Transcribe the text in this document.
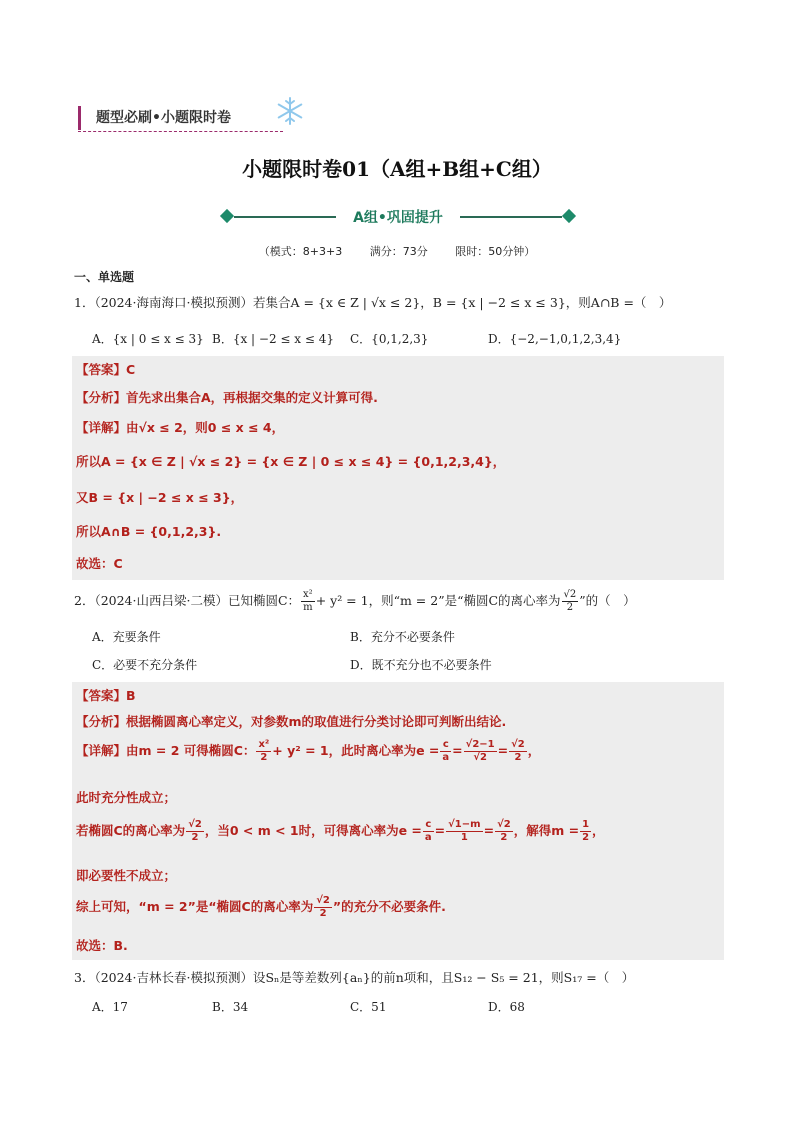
题型必刷•小题限时卷
小题限时卷01（A组+B组+C组）
A组•巩固提升
（模式：8+3+3	满分：73分	限时：50分钟）
一、单选题
1．（2024·海南海口·模拟预测）若集合A = {x ∈ Z | √x ≤ 2}，B = {x | −2 ≤ x ≤ 3}，则A∩B =（　）
A．{x | 0 ≤ x ≤ 3} B．{x | −2 ≤ x ≤ 4} C．{0,1,2,3}	D．{−2,−1,0,1,2,3,4}
【答案】C
【分析】首先求出集合A，再根据交集的定义计算可得.
【详解】由√x ≤ 2，则0 ≤ x ≤ 4，
所以A = {x ∈ Z | √x ≤ 2} = {x ∈ Z | 0 ≤ x ≤ 4} = {0,1,2,3,4}，
又B = {x | −2 ≤ x ≤ 3}，
所以A∩B = {0,1,2,3}.
故选：C
2．（2024·山西吕梁·二模）已知椭圆C： $\frac{\text{x²}}{m} + y^2 = 1$，则“m = 2”是“椭圆C的离心率为 $\frac{√2}{2}$ ”的（　）
A．充要条件	B．充分不必要条件
C．必要不充分条件	D．既不充分也不必要条件
【答案】B
【分析】根据椭圆离心率定义，对参数m的取值进行分类讨论即可判断出结论.
【详解】由m = 2 可得椭圆C： $\frac{\text{x²}}{2} + y^2 = 1$，此时离心率为$e = \frac{c}{a} = \frac{√2-1}{√2} = \frac{√2}{2}$ ，
此时充分性成立；
若椭圆C的离心率为 $\frac{√2}{2}$ ，当0 < m < 1时，可得离心率为$e = \frac{c}{a} = \frac{√1-m}{1} = \frac{√2}{2}$ ，解得$m = \frac{1}{2}$ ，
即必要性不成立；
综上可知，“m = 2”是“椭圆C的离心率为 $\frac{√2}{2}$ ”的充分不必要条件.
故选：B.
3．（2024·吉林长春·模拟预测）设Sₙ是等差数列{aₙ}的前n项和，且S₁₂ − S₅ = 21，则S₁₇ =（　）
A．17	B．34	C．51	D．68
